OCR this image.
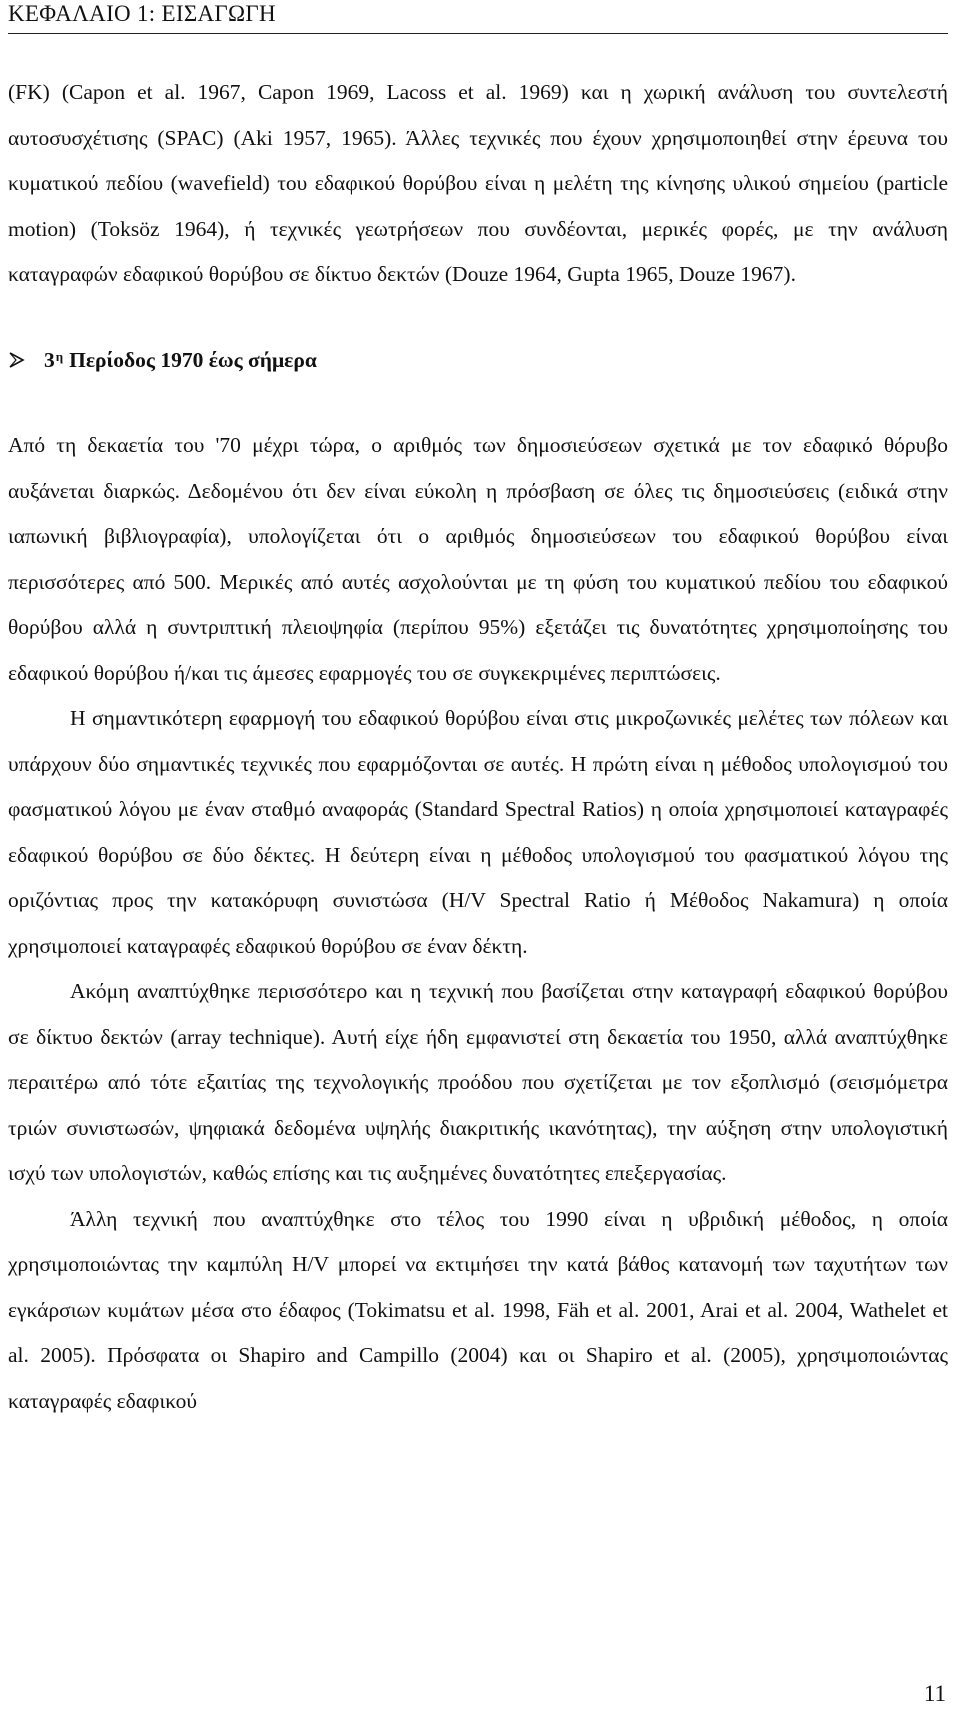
ΚΕΦΑΛΑΙΟ 1: ΕΙΣΑΓΩΓΗ

(FK) (Capon et al. 1967, Capon 1969, Lacoss et al. 1969) και η χωρική ανάλυση του συντελεστή αυτοσυσχέτισης (SPAC) (Aki 1957, 1965). Άλλες τεχνικές που έχουν χρησιμοποιηθεί στην έρευνα του κυματικού πεδίου (wavefield) του εδαφικού θορύβου είναι η μελέτη της κίνησης υλικού σημείου (particle motion) (Toksöz 1964), ή τεχνικές γεωτρήσεων που συνδέονται, μερικές φορές, με την ανάλυση καταγραφών εδαφικού θορύβου σε δίκτυο δεκτών (Douze 1964, Gupta 1965, Douze 1967).

$3^\eta$ Περίοδος 1970 έως σήμερα

Από τη δεκαετία του '70 μέχρι τώρα, ο αριθμός των δημοσιεύσεων σχετικά με τον εδαφικό θόρυβο αυξάνεται διαρκώς. Δεδομένου ότι δεν είναι εύκολη η πρόσβαση σε όλες τις δημοσιεύσεις (ειδικά στην ιαπωνική βιβλιογραφία), υπολογίζεται ότι ο αριθμός δημοσιεύσεων του εδαφικού θορύβου είναι περισσότερες από 500. Μερικές από αυτές ασχολούνται με τη φύση του κυματικού πεδίου του εδαφικού θορύβου αλλά η συντριπτική πλειοψηφία (περίπου 95%) εξετάζει τις δυνατότητες χρησιμοποίησης του εδαφικού θορύβου ή/και τις άμεσες εφαρμογές του σε συγκεκριμένες περιπτώσεις.

Η σημαντικότερη εφαρμογή του εδαφικού θορύβου είναι στις μικροζωνικές μελέτες των πόλεων και υπάρχουν δύο σημαντικές τεχνικές που εφαρμόζονται σε αυτές. Η πρώτη είναι η μέθοδος υπολογισμού του φασματικού λόγου με έναν σταθμό αναφοράς (Standard Spectral Ratios) η οποία χρησιμοποιεί καταγραφές εδαφικού θορύβου σε δύο δέκτες. Η δεύτερη είναι η μέθοδος υπολογισμού του φασματικού λόγου της οριζόντιας προς την κατακόρυφη συνιστώσα (H/V Spectral Ratio ή Μέθοδος Nakamura) η οποία χρησιμοποιεί καταγραφές εδαφικού θορύβου σε έναν δέκτη.

Ακόμη αναπτύχθηκε περισσότερο και η τεχνική που βασίζεται στην καταγραφή εδαφικού θορύβου σε δίκτυο δεκτών (array technique). Αυτή είχε ήδη εμφανιστεί στη δεκαετία του 1950, αλλά αναπτύχθηκε περαιτέρω από τότε εξαιτίας της τεχνολογικής προόδου που σχετίζεται με τον εξοπλισμό (σεισμόμετρα τριών συνιστωσών, ψηφιακά δεδομένα υψηλής διακριτικής ικανότητας), την αύξηση στην υπολογιστική ισχύ των υπολογιστών, καθώς επίσης και τις αυξημένες δυνατότητες επεξεργασίας.

Άλλη τεχνική που αναπτύχθηκε στο τέλος του 1990 είναι η υβριδική μέθοδος, η οποία χρησιμοποιώντας την καμπύλη H/V μπορεί να εκτιμήσει την κατά βάθος κατανομή των ταχυτήτων των εγκάρσιων κυμάτων μέσα στο έδαφος (Tokimatsu et al. 1998, Fäh et al. 2001, Arai et al. 2004, Wathelet et al. 2005). Πρόσφατα οι Shapiro and Campillo (2004) και οι Shapiro et al. (2005), χρησιμοποιώντας καταγραφές εδαφικού

11
